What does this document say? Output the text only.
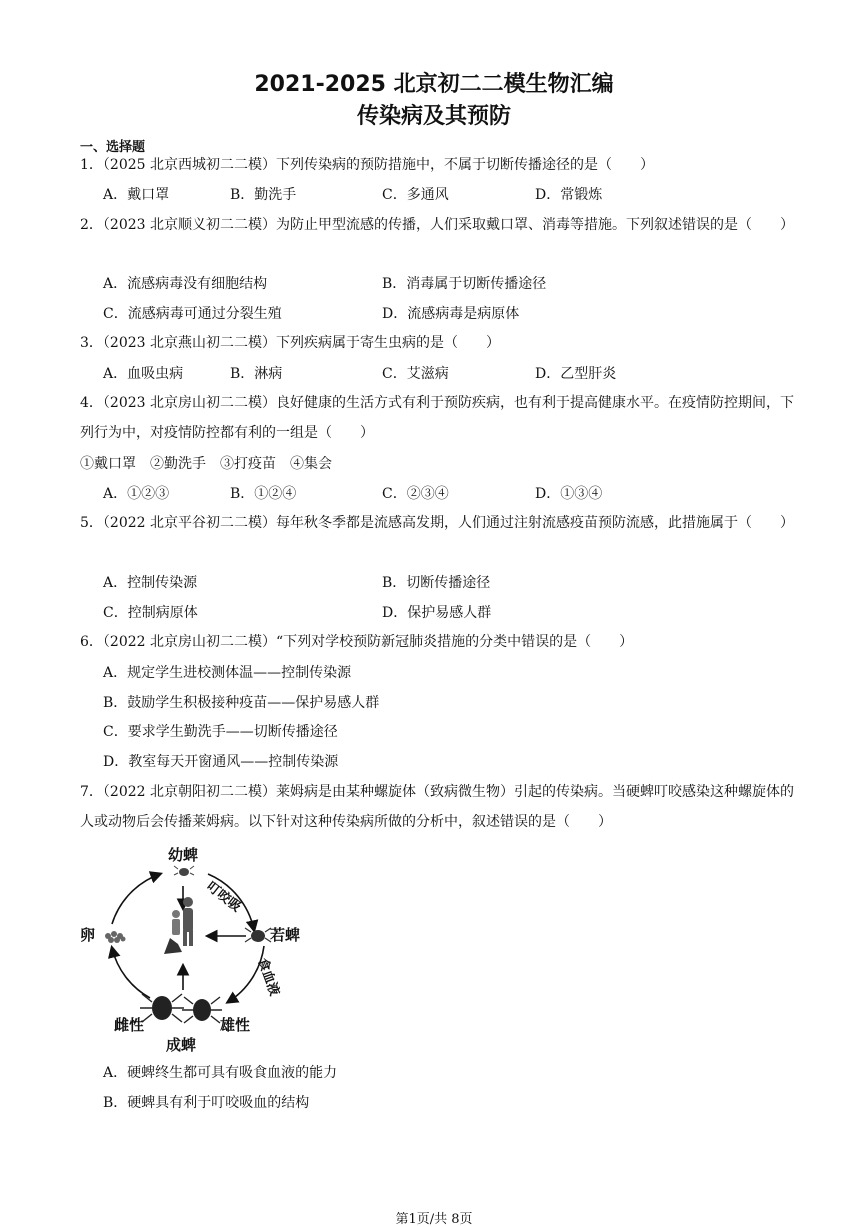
2021-2025 北京初二二模生物汇编
传染病及其预防
一、选择题
1．（2025 北京西城初二二模）下列传染病的预防措施中，不属于切断传播途径的是（　　）
A．戴口罩	B．勤洗手	C．多通风	D．常锻炼
2．（2023 北京顺义初二二模）为防止甲型流感的传播，人们采取戴口罩、消毒等措施。下列叙述错误的是（　　）
A．流感病毒没有细胞结构	B．消毒属于切断传播途径
C．流感病毒可通过分裂生殖	D．流感病毒是病原体
3．（2023 北京燕山初二二模）下列疾病属于寄生虫病的是（　　）
A．血吸虫病	B．淋病	C．艾滋病	D．乙型肝炎
4．（2023 北京房山初二二模）良好健康的生活方式有利于预防疾病，也有利于提高健康水平。在疫情防控期间，下列行为中，对疫情防控都有利的一组是（　　）
①戴口罩　②勤洗手　③打疫苗　④集会
A．①②③	B．①②④	C．②③④	D．①③④
5．（2022 北京平谷初二二模）每年秋冬季都是流感高发期，人们通过注射流感疫苗预防流感，此措施属于（　　）
A．控制传染源	B．切断传播途径
C．控制病原体	D．保护易感人群
6．（2022 北京房山初二二模）“下列对学校预防新冠肺炎措施的分类中错误的是（　　）
A．规定学生进校测体温——控制传染源
B．鼓励学生积极接种疫苗——保护易感人群
C．要求学生勤洗手——切断传播途径
D．教室每天开窗通风——控制传染源
7．（2022 北京朝阳初二二模）莱姆病是由某种螺旋体（致病微生物）引起的传染病。当硬蜱叮咬感染这种螺旋体的人或动物后会传播莱姆病。以下针对这种传染病所做的分析中，叙述错误的是（　　）
幼蜱
若蜱
卵
雌性	雄性
成蜱
叮咬吸
食血液
A．硬蜱终生都可具有吸食血液的能力
B．硬蜱具有利于叮咬吸血的结构
第1页/共 8页
